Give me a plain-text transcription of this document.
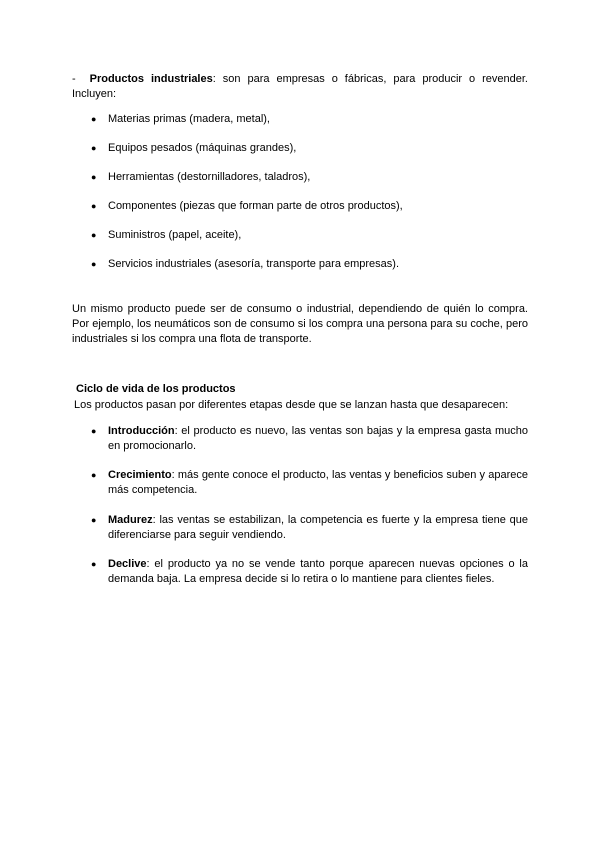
- Productos industriales: son para empresas o fábricas, para producir o revender. Incluyen:

● Materias primas (madera, metal),
● Equipos pesados (máquinas grandes),
● Herramientas (destornilladores, taladros),
● Componentes (piezas que forman parte de otros productos),
● Suministros (papel, aceite),
● Servicios industriales (asesoría, transporte para empresas).

Un mismo producto puede ser de consumo o industrial, dependiendo de quién lo compra. Por ejemplo, los neumáticos son de consumo si los compra una persona para su coche, pero industriales si los compra una flota de transporte.

Ciclo de vida de los productos

Los productos pasan por diferentes etapas desde que se lanzan hasta que desaparecen:

● Introducción: el producto es nuevo, las ventas son bajas y la empresa gasta mucho en promocionarlo.
● Crecimiento: más gente conoce el producto, las ventas y beneficios suben y aparece más competencia.
● Madurez: las ventas se estabilizan, la competencia es fuerte y la empresa tiene que diferenciarse para seguir vendiendo.
● Declive: el producto ya no se vende tanto porque aparecen nuevas opciones o la demanda baja. La empresa decide si lo retira o lo mantiene para clientes fieles.
